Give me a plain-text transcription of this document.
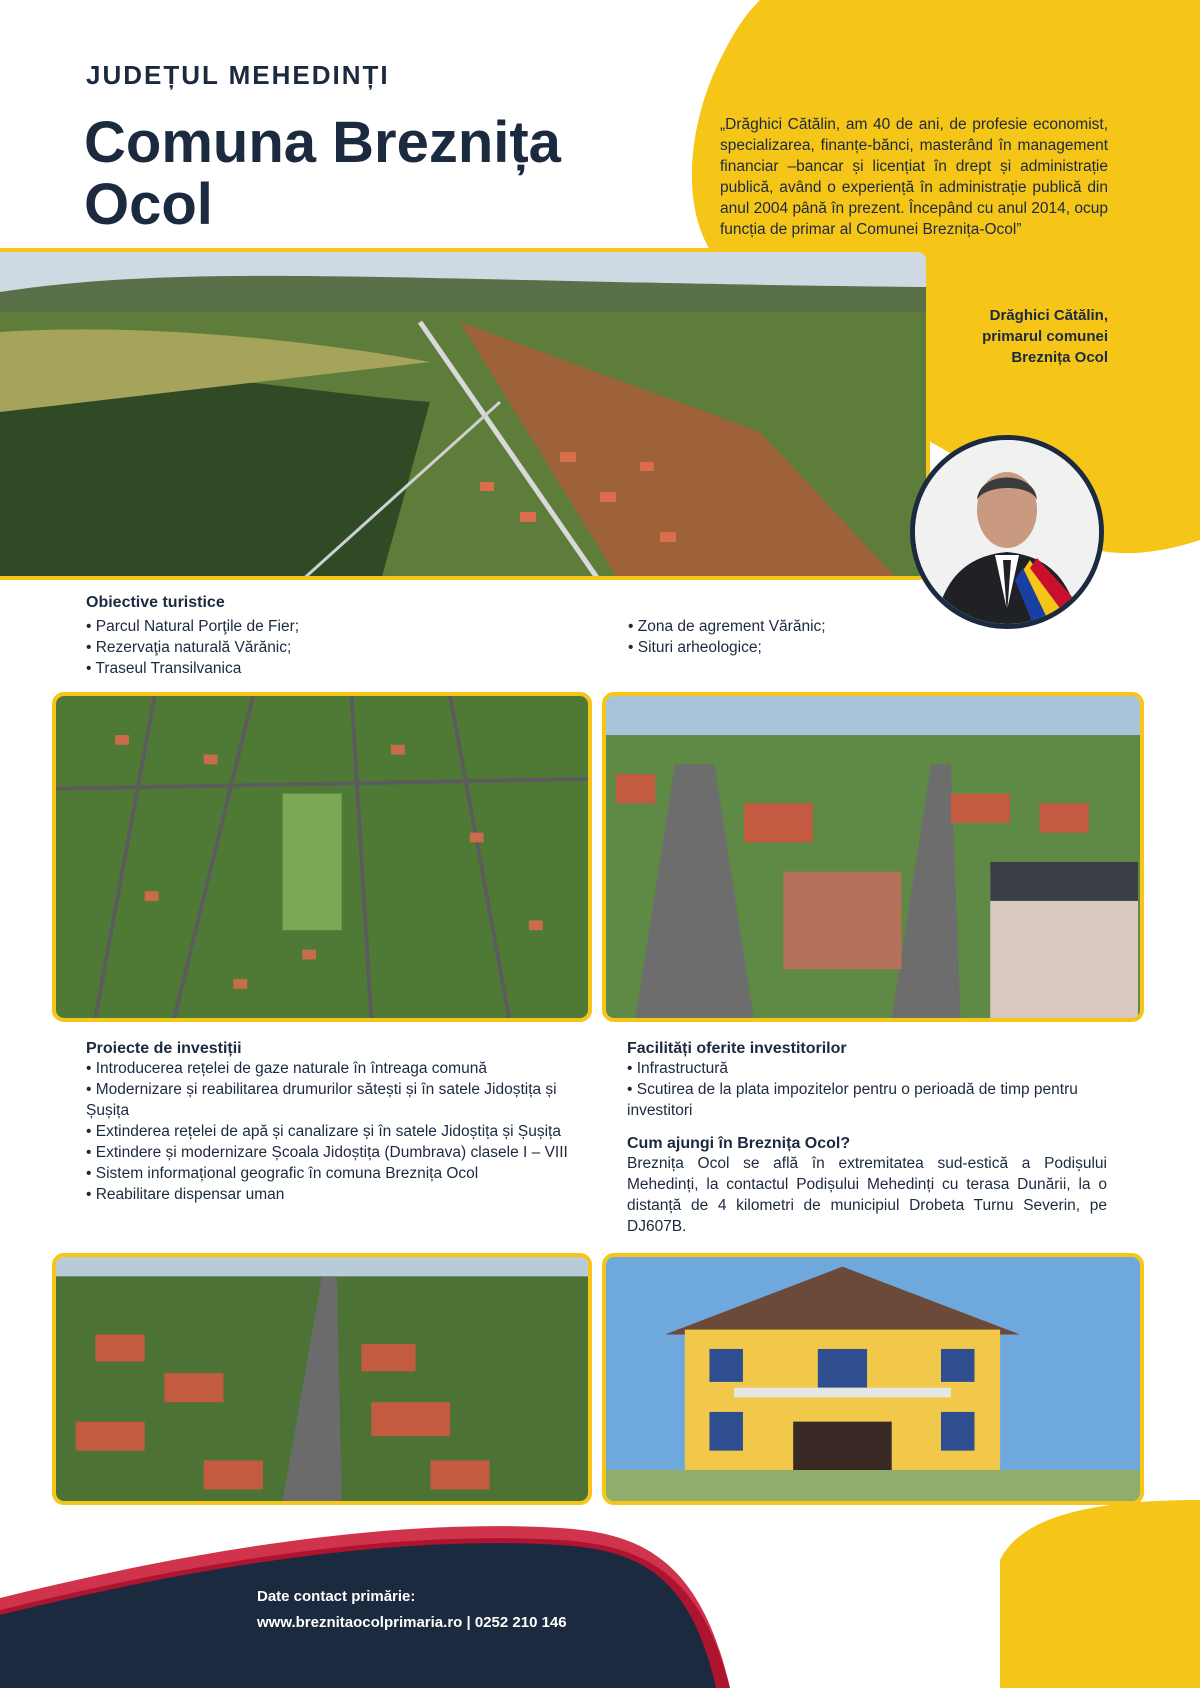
JUDEȚUL MEHEDINȚI
Comuna Breznița
Ocol
„Drăghici Cătălin, am 40 de ani, de profesie economist, specializarea, finanțe-bănci, masterând în management financiar –bancar și licențiat în drept și administrație publică, având o experiență în administrație publică din anul 2004 până în prezent. Începând cu anul 2014, ocup funcția de primar al Comunei Breznița-Ocol”
Drăghici Cătălin,
primarul comunei
Breznița Ocol
Obiective turistice
• Parcul Natural Porţile de Fier;
• Rezervaţia naturală Vărănic;
• Traseul Transilvanica
• Zona de agrement Vărănic;
• Situri arheologice;
Proiecte de investiții
• Introducerea rețelei de gaze naturale în întreaga comună
• Modernizare și reabilitarea drumurilor sătești și în satele Jidoștița și Șușița
• Extinderea rețelei de apă și canalizare și în satele Jidoștița și Șușița
• Extindere și modernizare Școala Jidoștița (Dumbrava) clasele I – VIII
• Sistem informațional geografic în comuna Breznița Ocol
• Reabilitare dispensar uman
Facilități oferite investitorilor
• Infrastructură
• Scutirea de la plata impozitelor pentru o perioadă de timp pentru investitori
Cum ajungi în Breznița Ocol?
Breznița Ocol se află în extremitatea sud-estică a Podișului Mehedinți, la contactul Podișului Mehedinți cu terasa Dunării, la o distanță de 4 kilometri de municipiul Drobeta Turnu Severin, pe DJ607B.
Date contact primărie:
www.breznitaocolprimaria.ro | 0252 210 146
